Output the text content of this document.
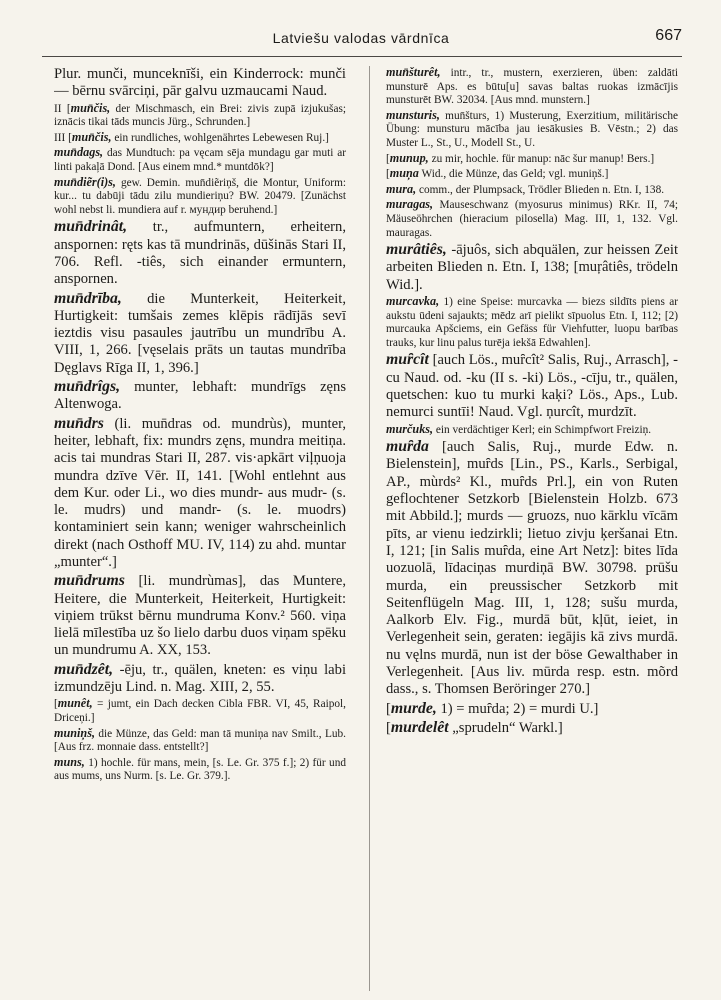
Latviešu valodas vārdnīca	667

Plur. munči, munceknīši, ein Kinderrock: munči — bērnu svārciņi, pār galvu uzmaucami Naud.

II [mun̄čis, der Mischmasch, ein Brei: zivis zupā izjukušas; iznācis tikai tāds muncis Jürg., Schrunden.]

III [mun̄čis, ein rundliches, wohlgenährtes Lebewesen Ruj.]

mun̄dags, das Mundtuch: pa vęcam sēja mundagu gar muti ar linti pakaļā Dond. [Aus einem mnd.* muntdōk?]

mun̄diẽr(i)s, gew. Demin. mun̄diẽriņš, die Montur, Uniform: kur... tu dabūji tādu zilu mundieriņu? BW. 20479. [Zunächst wohl nebst li. mundiera auf r. мундир beruhend.]

mun̄drinât, tr., aufmuntern, erheitern, anspornen: ręts kas tā mundrinās, dūšinās Stari II, 706. Refl. -tiês, sich einander ermuntern, anspornen.

mun̄drība, die Munterkeit, Heiterkeit, Hurtigkeit: tumšais zemes klēpis rādījās sevī ieztdis visu pasaules jautrību un mundrību A. VIII, 1, 266. [vęselais prāts un tautas mundrība Dęglavs Rīga II, 1, 396.]

mun̄drîgs, munter, lebhaft: mundrīgs zęns Altenwoga.

mun̄drs (li. mun̄dras od. mundrùs), munter, heiter, lebhaft, fix: mundrs zęns, mundra meitiņa. acis tai mundras Stari II, 287. vis·apkārt viļņuoja mundra dzīve Vēr. II, 141. [Wohl entlehnt aus dem Kur. oder Li., wo dies mundr- aus mudr- (s. le. mudrs) und mandr- (s. le. muodrs) kontaminiert sein kann; weniger wahrscheinlich direkt (nach Osthoff MU. IV, 114) zu ahd. muntar „munter“.]

mun̄drums [li. mundrùmas], das Muntere, Heitere, die Munterkeit, Heiterkeit, Hurtigkeit: viņiem trūkst bērnu mundruma Konv.² 560. viņa lielā mīlestība uz šo lielo darbu duos viņam spēku un mundrumu A. XX, 153.

mun̄dzêt, -ēju, tr., quälen, kneten: es viņu labi izmundzēju Lind. n. Mag. XIII, 2, 55.

[munêt, = jumt, ein Dach decken Cibla FBR. VI, 45, Raipol, Driceņi.]

muniņš, die Münze, das Geld: man tā muniņa nav Smilt., Lub. [Aus frz. monnaie dass. entstellt?]

muns, 1) hochle. für mans, mein, [s. Le. Gr. 375 f.]; 2) für und aus mums, uns Nurm. [s. Le. Gr. 379.].

mun̄šturêt, intr., tr., mustern, exerzieren, üben: zaldāti munsturē Aps. es būtu[u] savas baltas ruokas izmācījis munsturēt BW. 32034. [Aus mnd. munstern.]

munsturis, mun̄šturs, 1) Musterung, Exerzitium, militärische Übung: munsturu mācība jau iesākusies B. Vēstn.; 2) das Muster L., St., U., Modell St., U.

[munup, zu mir, hochle. für manup: nāc šur manup! Bers.]

[muņa Wid., die Münze, das Geld; vgl. muniņš.]

mura, comm., der Plumpsack, Trödler Blieden n. Etn. I, 138.

muragas, Mauseschwanz (myosurus minimus) RKr. II, 74; Mäuseöhrchen (hieracium pilosella) Mag. III, 1, 132. Vgl. mauragas.

murâtiês, -ājuôs, sich abquälen, zur heissen Zeit arbeiten Blieden n. Etn. I, 138; [muŗâtiês, trödeln Wid.].

murcavka, 1) eine Speise: murcavka — biezs sildīts piens ar aukstu ūdeni sajaukts; mēdz arī pielikt sīpuolus Etn. I, 112; [2) murcauka Apšciems, ein Gefäss für Viehfutter, luopu barības trauks, kur linu palus turēja iekšā Edwahlen].

muȓcît [auch Lös., muȓcît² Salis, Ruj., Arrasch], -cu Naud. od. -ku (II s. -ki) Lös., -cīju, tr., quälen, quetschen: kuo tu murki kaķi? Lös., Aps., Lub. nemurci suntīi! Naud. Vgl. ņurcît, murdzīt.

murčuks, ein verdächtiger Kerl; ein Schimpfwort Freiziņ.

muȓda [auch Salis, Ruj., murde Edw. n. Bielenstein], muȓds [Lin., PS., Karls., Serbigal, AP., mùrds² Kl., muȓds Prl.], ein von Ruten geflochtener Setzkorb [Bielenstein Holzb. 673 mit Abbild.]; murds — gruozs, nuo kārklu vīcām pīts, ar vienu iedzirkli; lietuo zivju ķeršanai Etn. I, 121; [in Salis muȓda, eine Art Netz]: bites līda uozuolā, līdaciņas murdiņā BW. 30798. prūšu murda, ein preussischer Setzkorb mit Seitenflügeln Mag. III, 1, 128; sušu murda, Aalkorb Elv. Fig., murdā būt, kļūt, ieiet, in Verlegenheit sein, geraten: iegājis kā zivs murdā. nu vęlns murdā, nun ist der böse Gewalthaber in Verlegenheit. [Aus liv. mūrda resp. estn. mõrd dass., s. Thomsen Beröringer 270.]

[murde, 1) = muȓda; 2) = murdi U.]

[murdelêt „sprudeln“ Warkl.]
